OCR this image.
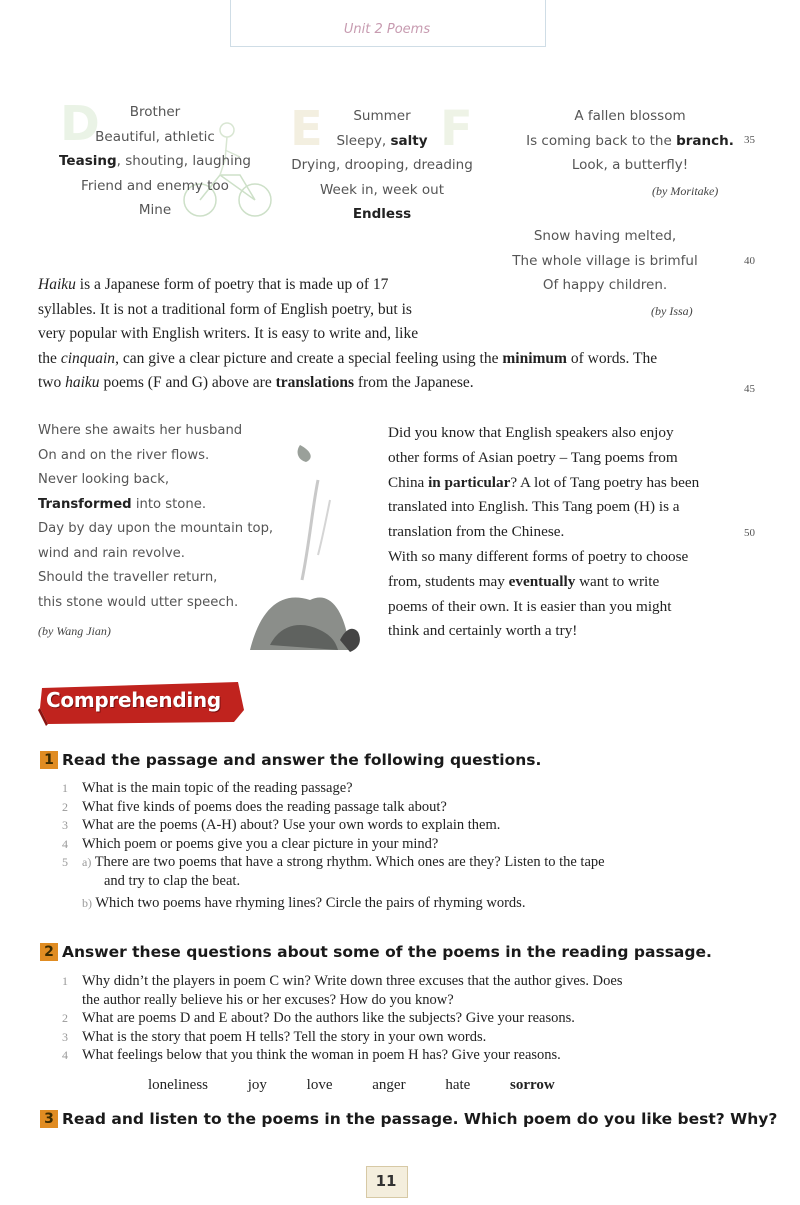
Unit 2 Poems
D	E F
Brother
Beautiful, athletic
Teasing, shouting, laughing
Friend and enemy too
Mine
Summer
Sleepy, salty
Drying, drooping, dreading
Week in, week out
Endless
A fallen blossom
Is coming back to the branch.
Look, a butterfly!
(by Moritake)
35
Snow having melted,
The whole village is brimful
Of happy children.
(by Issa)
40
Haiku is a Japanese form of poetry that is made up of 17
syllables. It is not a traditional form of English poetry, but is
very popular with English writers. It is easy to write and, like
the cinquain, can give a clear picture and create a special feeling using the minimum of words. The
two haiku poems (F and G) above are translations from the Japanese.	45
Where she awaits her husband
On and on the river flows.
Never looking back,
Transformed into stone.
Day by day upon the mountain top,
wind and rain revolve.
Should the traveller return,
this stone would utter speech.
(by Wang Jian)
Did you know that English speakers also enjoy
other forms of Asian poetry – Tang poems from
China in particular? A lot of Tang poetry has been
translated into English. This Tang poem (H) is a
translation from the Chinese.
With so many different forms of poetry to choose
from, students may eventually want to write
poems of their own. It is easier than you might
think and certainly worth a try!
50
Comprehending
1 Read the passage and answer the following questions.
1 What is the main topic of the reading passage?
2 What five kinds of poems does the reading passage talk about?
3 What are the poems (A-H) about? Use your own words to explain them.
4 Which poem or poems give you a clear picture in your mind?
5 a) There are two poems that have a strong rhythm. Which ones are they? Listen to the tape
and try to clap the beat.
b) Which two poems have rhyming lines? Circle the pairs of rhyming words.
2 Answer these questions about some of the poems in the reading passage.
1 Why didn’t the players in poem C win? Write down three excuses that the author gives. Does
the author really believe his or her excuses? How do you know?
2 What are poems D and E about? Do the authors like the subjects? Give your reasons.
3 What is the story that poem H tells? Tell the story in your own words.
4 What feelings below that you think the woman in poem H has? Give your reasons.
loneliness	joy	love	anger	hate	sorrow
3 Read and listen to the poems in the passage. Which poem do you like best? Why?
11
